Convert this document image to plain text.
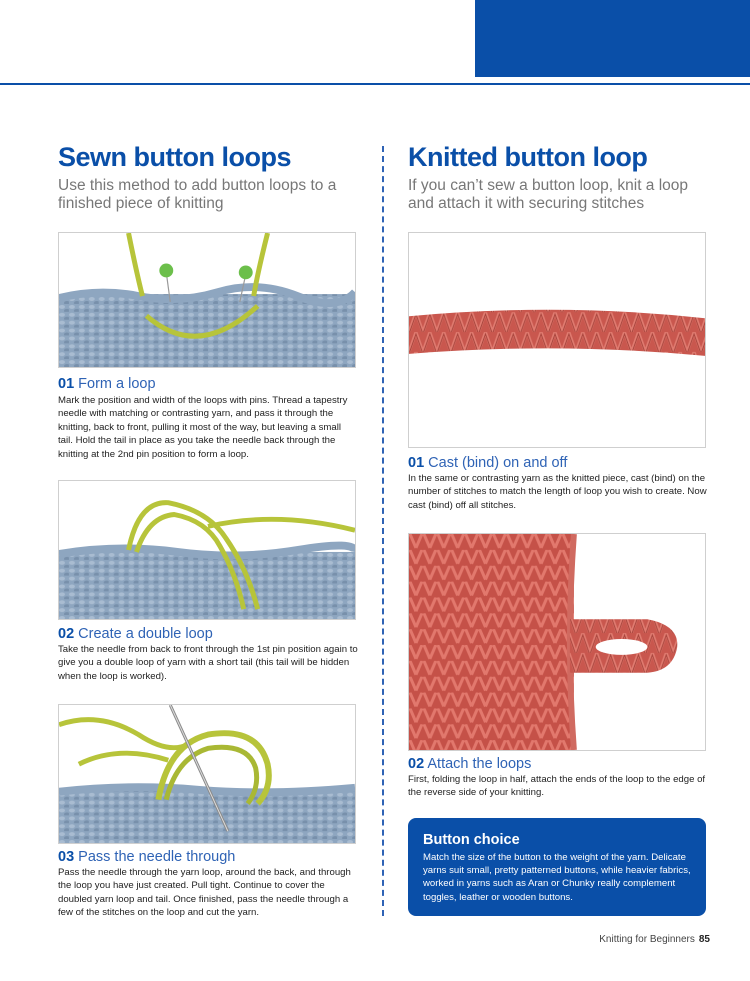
Sewn button loops

Use this method to add button loops to a finished piece of knitting

01 Form a loop

Mark the position and width of the loops with pins. Thread a tapestry needle with matching or contrasting yarn, and pass it through the knitting, back to front, pulling it most of the way, but leaving a small tail. Hold the tail in place as you take the needle back through the knitting at the 2nd pin position to form a loop.

02 Create a double loop

Take the needle from back to front through the 1st pin position again to give you a double loop of yarn with a short tail (this tail will be hidden when the loop is worked).

03 Pass the needle through

Pass the needle through the yarn loop, around the back, and through the loop you have just created. Pull tight. Continue to cover the doubled yarn loop and tail. Once finished, pass the needle through a few of the stitches on the loop and cut the yarn.

Knitted button loop

If you can’t sew a button loop, knit a loop and attach it with securing stitches

01 Cast (bind) on and off

In the same or contrasting yarn as the knitted piece, cast (bind) on the number of stitches to match the length of loop you wish to create. Now cast (bind) off all stitches.

02 Attach the loops

First, folding the loop in half, attach the ends of the loop to the edge of the reverse side of your knitting.

Button choice

Match the size of the button to the weight of the yarn. Delicate yarns suit small, pretty patterned buttons, while heavier fabrics, worked in yarns such as Aran or Chunky really complement toggles, leather or wooden buttons.

Knitting for Beginners 85
